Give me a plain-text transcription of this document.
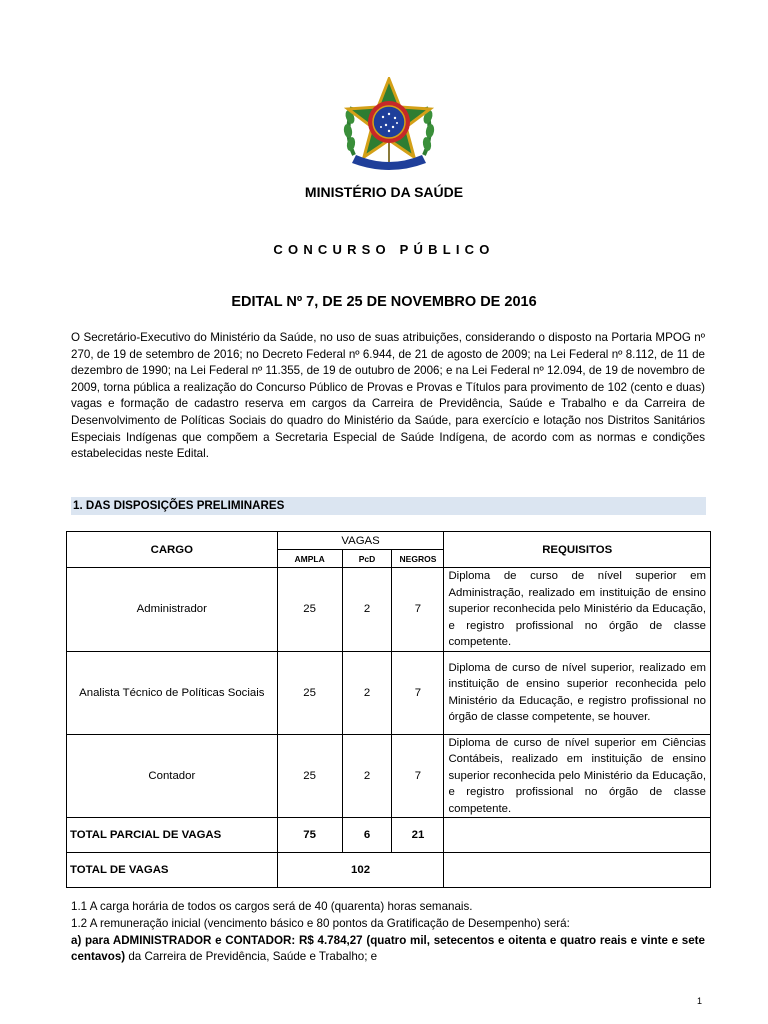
MINISTÉRIO DA SAÚDE
CONCURSO PÚBLICO
EDITAL Nº 7, DE 25 DE NOVEMBRO DE 2016
O Secretário-Executivo do Ministério da Saúde, no uso de suas atribuições, considerando o disposto na Portaria MPOG nº 270, de 19 de setembro de 2016; no Decreto Federal nº 6.944, de 21 de agosto de 2009; na Lei Federal nº 8.112, de 11 de dezembro de 1990; na Lei Federal nº 11.355, de 19 de outubro de 2006; e na Lei Federal nº 12.094, de 19 de novembro de 2009, torna pública a realização do Concurso Público de Provas e Provas e Títulos para provimento de 102 (cento e duas) vagas e formação de cadastro reserva em cargos da Carreira de Previdência, Saúde e Trabalho e da Carreira de Desenvolvimento de Políticas Sociais do quadro do Ministério da Saúde, para exercício e lotação nos Distritos Sanitários Especiais Indígenas que compõem a Secretaria Especial de Saúde Indígena, de acordo com as normas e condições estabelecidas neste Edital.
1. DAS DISPOSIÇÕES PRELIMINARES
CARGO	VAGAS			REQUISITOS
	AMPLA	PcD	NEGROS	
Administrador	25	2	7	Diploma de curso de nível superior em Administração, realizado em instituição de ensino superior reconhecida pelo Ministério da Educação, e registro profissional no órgão de classe competente.
Analista Técnico de Políticas Sociais	25	2	7	Diploma de curso de nível superior, realizado em instituição de ensino superior reconhecida pelo Ministério da Educação, e registro profissional no órgão de classe competente, se houver.
Contador	25	2	7	Diploma de curso de nível superior em Ciências Contábeis, realizado em instituição de ensino superior reconhecida pelo Ministério da Educação, e registro profissional no órgão de classe competente.
TOTAL PARCIAL DE VAGAS	75	6	21	
TOTAL DE VAGAS	102			

1.1 A carga horária de todos os cargos será de 40 (quarenta) horas semanais.

1.2 A remuneração inicial (vencimento básico e 80 pontos da Gratificação de Desempenho) será:

a) para ADMINISTRADOR e CONTADOR: R$ 4.784,27 (quatro mil, setecentos e oitenta e quatro reais e vinte e sete centavos) da Carreira de Previdência, Saúde e Trabalho; e

1
